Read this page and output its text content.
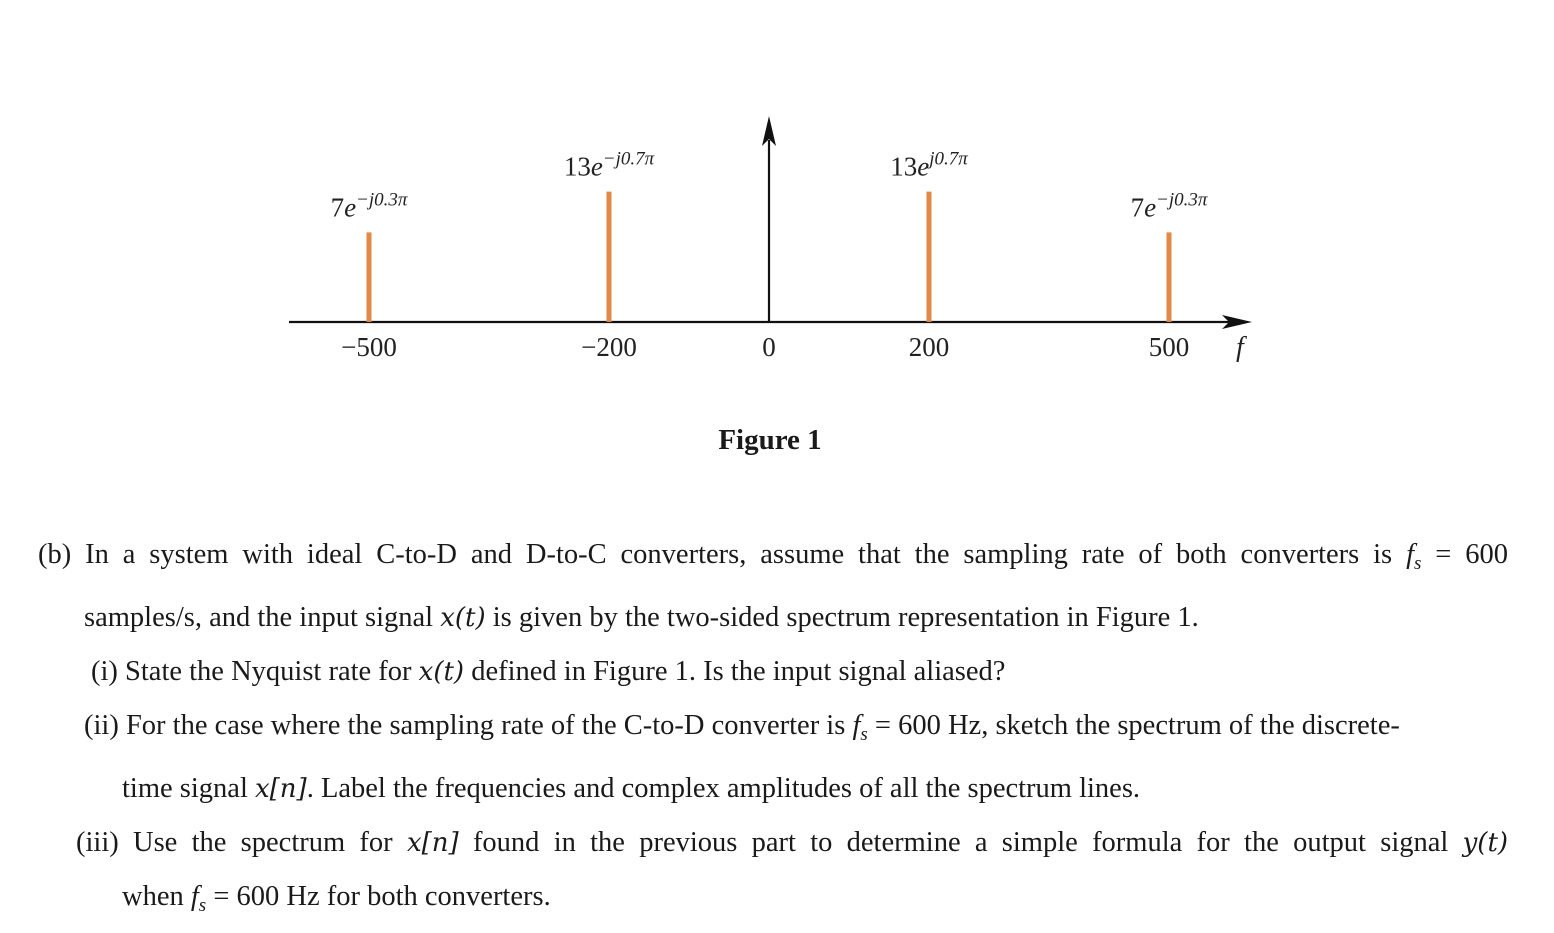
f
$7e^{-j0.3\pi}$
$13e^{-j0.7\pi}$	$13e^{j0.7\pi}$
$7e^{-j0.3\pi}$
−500	−200	0	200	500
Figure 1

(b) In a system with ideal C-to-D and D-to-C converters, assume that the sampling rate of both converters is $f_s = 600$

samples/s, and the input signal x(t) is given by the two-sided spectrum representation in Figure 1.

(i) State the Nyquist rate for x(t) defined in Figure 1. Is the input signal aliased?

(ii) For the case where the sampling rate of the C-to-D converter is $f_s = 600$ Hz, sketch the spectrum of the discrete-

time signal x[n]. Label the frequencies and complex amplitudes of all the spectrum lines.

(iii) Use the spectrum for x[n] found in the previous part to determine a simple formula for the output signal y(t)

when $f_s = 600$ Hz for both converters.
